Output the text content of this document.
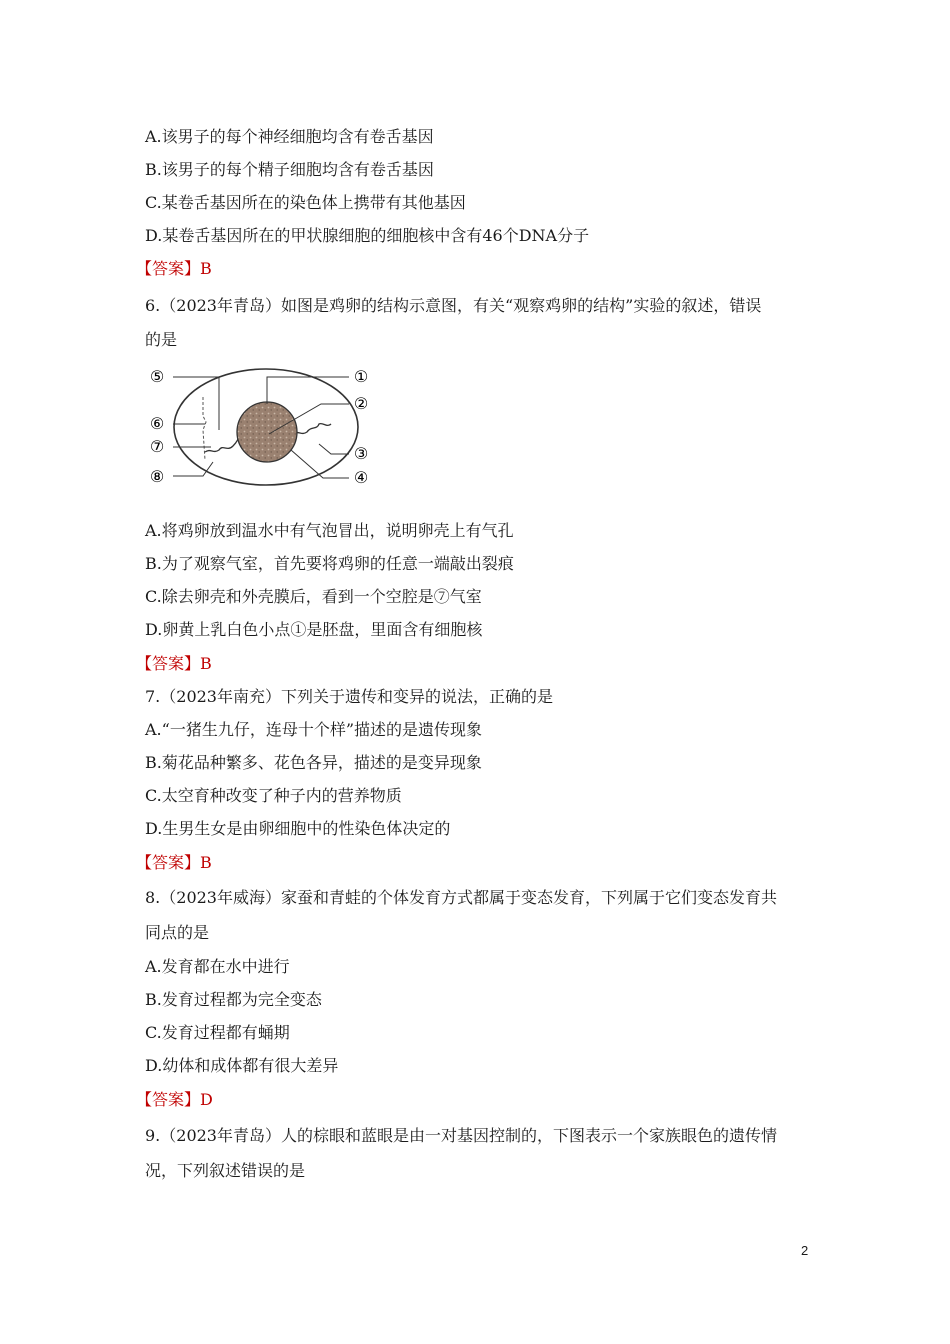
A.该男子的每个神经细胞均含有卷舌基因
B.该男子的每个精子细胞均含有卷舌基因
C.某卷舌基因所在的染色体上携带有其他基因
D.某卷舌基因所在的甲状腺细胞的细胞核中含有46个DNA分子
【答案】B
6.（2023年青岛）如图是鸡卵的结构示意图，有关“观察鸡卵的结构”实验的叙述，错误
的是
⑤
⑥
⑦
⑧
①
②
③
④
A.将鸡卵放到温水中有气泡冒出，说明卵壳上有气孔
B.为了观察气室，首先要将鸡卵的任意一端敲出裂痕
C.除去卵壳和外壳膜后，看到一个空腔是⑦气室
D.卵黄上乳白色小点①是胚盘，里面含有细胞核
【答案】B
7.（2023年南充）下列关于遗传和变异的说法，正确的是
A.“一猪生九仔，连母十个样”描述的是遗传现象
B.菊花品种繁多、花色各异，描述的是变异现象
C.太空育种改变了种子内的营养物质
D.生男生女是由卵细胞中的性染色体决定的
【答案】B
8.（2023年威海）家蚕和青蛙的个体发育方式都属于变态发育，下列属于它们变态发育共
同点的是
A.发育都在水中进行
B.发育过程都为完全变态
C.发育过程都有蛹期
D.幼体和成体都有很大差异
【答案】D
9.（2023年青岛）人的棕眼和蓝眼是由一对基因控制的，下图表示一个家族眼色的遗传情
况，下列叙述错误的是
2
